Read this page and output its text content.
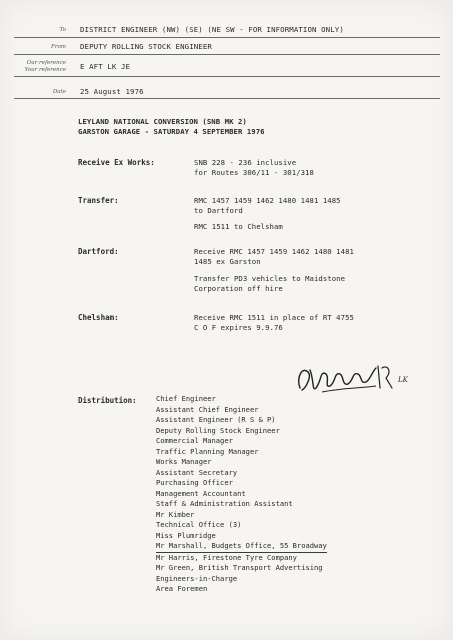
To DISTRICT ENGINEER (NW) (SE) (NE SW - FOR INFORMATION ONLY)
From DEPUTY ROLLING STOCK ENGINEER
Our reference
Your reference E AFT LK JE
Date 25 August 1976
LEYLAND NATIONAL CONVERSION (SNB MK 2)
GARSTON GARAGE - SATURDAY 4 SEPTEMBER 1976
Receive Ex Works:	SNB 228 - 236 inclusive
for Routes 306/11 - 301/318
Transfer:	RMC 1457 1459 1462 1480 1481 1485
to Dartford
RMC 1511 to Chelsham
Dartford:	Receive RMC 1457 1459 1462 1480 1481
1485 ex Garston
Transfer PD3 vehicles to Maidstone
Corporation off hire
Chelsham:	Receive RMC 1511 in place of RT 4755
C O F expires 9.9.76
LK
Distribution:	Chief Engineer
Assistant Chief Engineer
Assistant Engineer (R S & P)
Deputy Rolling Stock Engineer
Commercial Manager
Traffic Planning Manager
Works Manager
Assistant Secretary
Purchasing Officer
Management Accountant
Staff & Administration Assistant
Mr Kimber
Technical Office (3)
Miss Plumridge
Mr Marshall, Budgets Office, 55 Broadway
Mr Harris, Firestone Tyre Company
Mr Green, British Transport Advertising
Engineers-in-Charge
Area Foremen
